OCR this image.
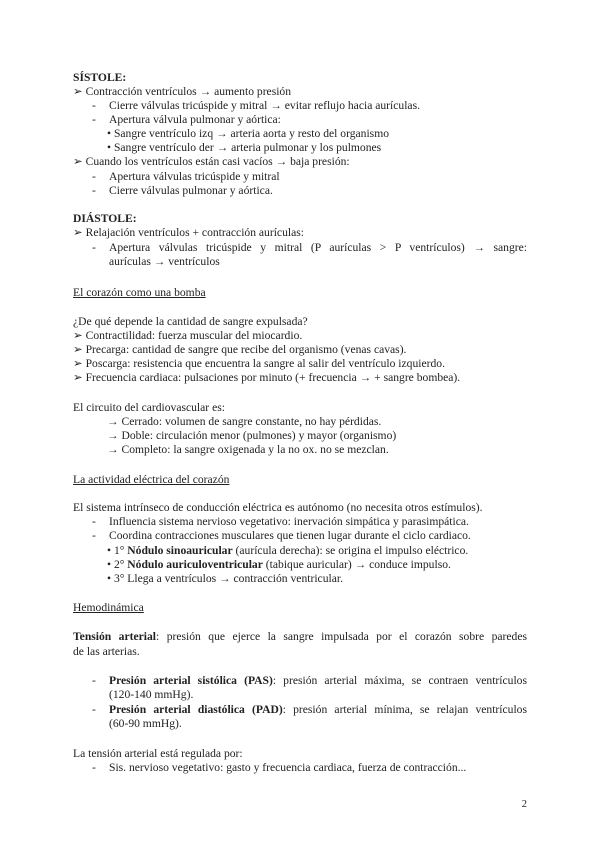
SÍSTOLE:
➢ Contracción ventrículos → aumento presión
- Cierre válvulas tricúspide y mitral → evitar reflujo hacia aurículas.
- Apertura válvula pulmonar y aórtica:
• Sangre ventrículo izq → arteria aorta y resto del organismo
• Sangre ventrículo der → arteria pulmonar y los pulmones
➢ Cuando los ventrículos están casi vacíos → baja presión:
- Apertura válvulas tricúspide y mitral
- Cierre válvulas pulmonar y aórtica.
DIÁSTOLE:
➢ Relajación ventrículos + contracción aurículas:
- Apertura válvulas tricúspide y mitral (P aurículas > P ventrículos) → sangre:
aurículas → ventrículos
El corazón como una bomba
¿De qué depende la cantidad de sangre expulsada?
➢ Contractilidad: fuerza muscular del miocardio.
➢ Precarga: cantidad de sangre que recibe del organismo (venas cavas).
➢ Poscarga: resistencia que encuentra la sangre al salir del ventrículo izquierdo.
➢ Frecuencia cardiaca: pulsaciones por minuto (+ frecuencia → + sangre bombea).
El circuito del cardiovascular es:
→ Cerrado: volumen de sangre constante, no hay pérdidas.
→ Doble: circulación menor (pulmones) y mayor (organismo)
→ Completo: la sangre oxigenada y la no ox. no se mezclan.
La actividad eléctrica del corazón
El sistema intrínseco de conducción eléctrica es autónomo (no necesita otros estímulos).
- Influencia sistema nervioso vegetativo: inervación simpática y parasimpática.
- Coordina contracciones musculares que tienen lugar durante el ciclo cardiaco.
• 1° Nódulo sinoauricular (aurícula derecha): se origina el impulso eléctrico.
• 2° Nódulo auriculoventricular (tabique auricular) → conduce impulso.
• 3° Llega a ventrículos → contracción ventricular.
Hemodinámica
Tensión arterial: presión que ejerce la sangre impulsada por el corazón sobre paredes
de las arterias.
- Presión arterial sistólica (PAS): presión arterial máxima, se contraen ventrículos
(120-140 mmHg).
- Presión arterial diastólica (PAD): presión arterial mínima, se relajan ventrículos
(60-90 mmHg).
La tensión arterial está regulada por:
- Sis. nervioso vegetativo: gasto y frecuencia cardiaca, fuerza de contracción...
2
